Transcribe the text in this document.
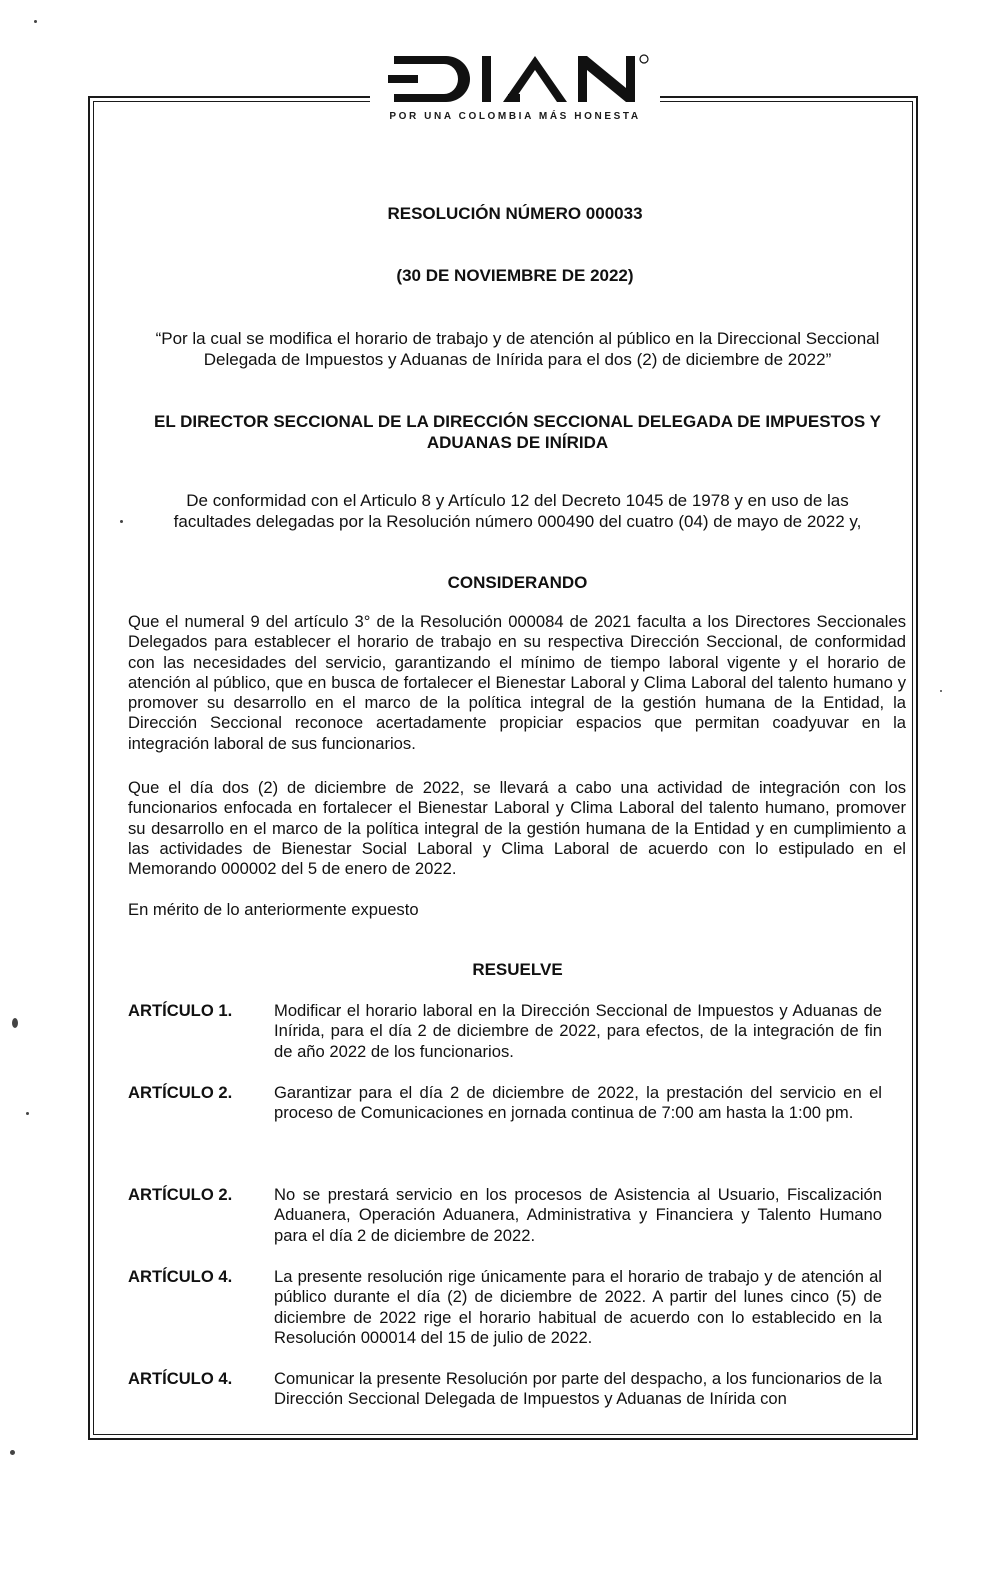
POR UNA COLOMBIA MÁS HONESTA
RESOLUCIÓN NÚMERO 000033
(30 DE NOVIEMBRE DE 2022)
“Por la cual se modifica el horario de trabajo y de atención al público en la Direccional Seccional
Delegada de Impuestos y Aduanas de Inírida para el dos (2) de diciembre de 2022”
EL DIRECTOR SECCIONAL DE LA DIRECCIÓN SECCIONAL DELEGADA DE IMPUESTOS Y
ADUANAS DE INÍRIDA
De conformidad con el Articulo 8 y Artículo 12 del Decreto 1045 de 1978 y en uso de las
facultades delegadas por la Resolución número 000490 del cuatro (04) de mayo de 2022 y,
CONSIDERANDO
Que el numeral 9 del artículo 3° de la Resolución 000084 de 2021 faculta a los Directores Seccionales Delegados para establecer el horario de trabajo en su respectiva Dirección Seccional, de conformidad con las necesidades del servicio, garantizando el mínimo de tiempo laboral vigente y el horario de atención al público, que en busca de fortalecer el Bienestar Laboral y Clima Laboral del talento humano y promover su desarrollo en el marco de la política integral de la gestión humana de la Entidad, la Dirección Seccional reconoce acertadamente propiciar espacios que permitan coadyuvar en la integración laboral de sus funcionarios.
Que el día dos (2) de diciembre de 2022, se llevará a cabo una actividad de integración con los funcionarios enfocada en fortalecer el Bienestar Laboral y Clima Laboral del talento humano, promover su desarrollo en el marco de la política integral de la gestión humana de la Entidad y en cumplimiento a las actividades de Bienestar Social Laboral y Clima Laboral de acuerdo con lo estipulado en el Memorando 000002 del 5 de enero de 2022.
En mérito de lo anteriormente expuesto
RESUELVE
ARTÍCULO 1.	Modificar el horario laboral en la Dirección Seccional de Impuestos y Aduanas de Inírida, para el día 2 de diciembre de 2022, para efectos, de la integración de fin de año 2022 de los funcionarios.
ARTÍCULO 2.	Garantizar para el día 2 de diciembre de 2022, la prestación del servicio en el proceso de Comunicaciones en jornada continua de 7:00 am hasta la 1:00 pm.
ARTÍCULO 2.	No se prestará servicio en los procesos de Asistencia al Usuario, Fiscalización Aduanera, Operación Aduanera, Administrativa y Financiera y Talento Humano para el día 2 de diciembre de 2022.
ARTÍCULO 4.	La presente resolución rige únicamente para el horario de trabajo y de atención al público durante el día (2) de diciembre de 2022. A partir del lunes cinco (5) de diciembre de 2022 rige el horario habitual de acuerdo con lo establecido en la Resolución 000014 del 15 de julio de 2022.
ARTÍCULO 4.	Comunicar la presente Resolución por parte del despacho, a los funcionarios de la Dirección Seccional Delegada de Impuestos y Aduanas de Inírida con
